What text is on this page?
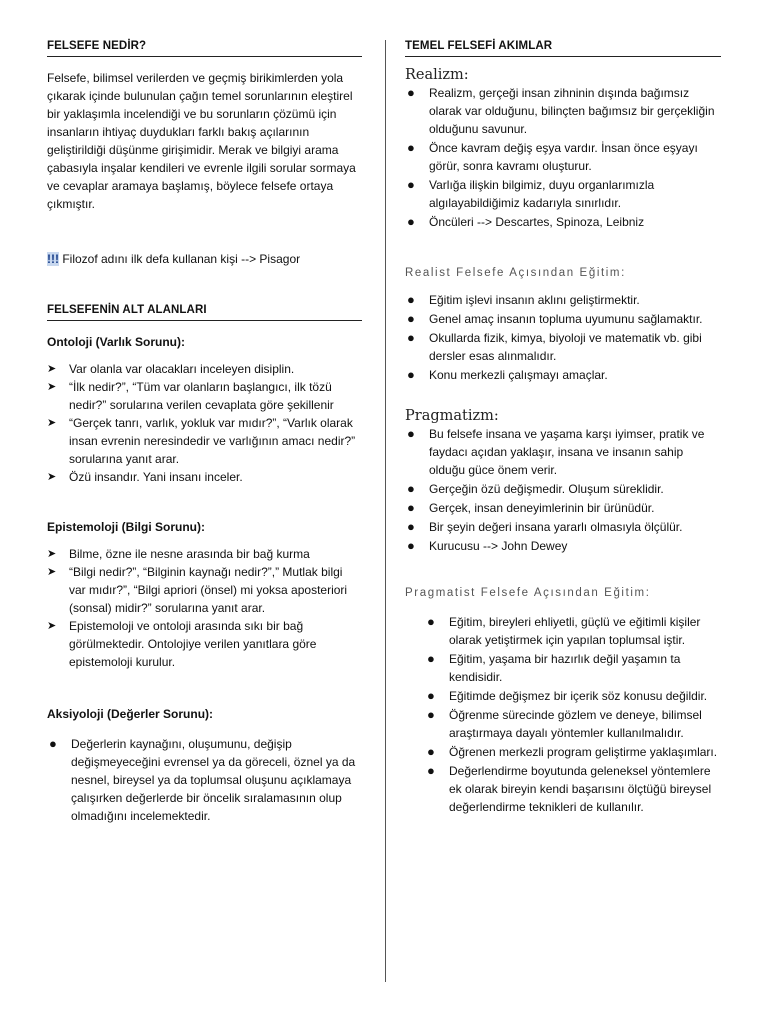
FELSEFE NEDİR?

Felsefe, bilimsel verilerden ve geçmiş birikimlerden yola çıkarak içinde bulunulan çağın temel sorunlarının eleştirel bir yaklaşımla incelendiği ve bu sorunların çözümü için insanların ihtiyaç duydukları farklı bakış açılarının geliştirildiği düşünme girişimidir. Merak ve bilgiyi arama çabasıyla inşalar kendileri ve evrenle ilgili sorular sormaya ve cevaplar aramaya başlamış, böylece felsefe ortaya çıkmıştır.

!!! Filozof adını ilk defa kullanan kişi --> Pisagor
FELSEFENİN ALT ALANLARI
Ontoloji (Varlık Sorunu):
➤ Var olanla var olacakları inceleyen disiplin.
➤ “İlk nedir?”, “Tüm var olanların başlangıcı, ilk tözü nedir?” sorularına verilen cevaplata göre şekillenir
➤ “Gerçek tanrı, varlık, yokluk var mıdır?”, “Varlık olarak insan evrenin neresindedir ve varlığının amacı nedir?” sorularına yanıt arar.
➤ Özü insandır. Yani insanı inceler.
Epistemoloji (Bilgi Sorunu):
➤ Bilme, özne ile nesne arasında bir bağ kurma
➤ “Bilgi nedir?”, “Bilginin kaynağı nedir?”,” Mutlak bilgi var mıdır?”, “Bilgi apriori (önsel) mi yoksa aposteriori (sonsal) midir?” sorularına yanıt arar.
➤ Epistemoloji ve ontoloji arasında sıkı bir bağ görülmektedir. Ontolojiye verilen yanıtlara göre epistemoloji kurulur.
Aksiyoloji (Değerler Sorunu):
● Değerlerin kaynağını, oluşumunu, değişip değişmeyeceğini evrensel ya da göreceli, öznel ya da nesnel, bireysel ya da toplumsal oluşunu açıklamaya çalışırken değerlerde bir öncelik sıralamasının olup olmadığını incelemektedir.
TEMEL FELSEFİ AKIMLAR
Realizm:
● Realizm, gerçeği insan zihninin dışında bağımsız olarak var olduğunu, bilinçten bağımsız bir gerçekliğin olduğunu savunur.
● Önce kavram değiş eşya vardır. İnsan önce eşyayı görür, sonra kavramı oluşturur.
● Varlığa ilişkin bilgimiz, duyu organlarımızla algılayabildiğimiz kadarıyla sınırlıdır.
● Öncüleri --> Descartes, Spinoza, Leibniz
Realist Felsefe Açısından Eğitim:
● Eğitim işlevi insanın aklını geliştirmektir.
● Genel amaç insanın topluma uyumunu sağlamaktır.
● Okullarda fizik, kimya, biyoloji ve matematik vb. gibi dersler esas alınmalıdır.
● Konu merkezli çalışmayı amaçlar.
Pragmatizm:
● Bu felsefe insana ve yaşama karşı iyimser, pratik ve faydacı açıdan yaklaşır, insana ve insanın sahip olduğu güce önem verir.
● Gerçeğin özü değişmedir. Oluşum süreklidir.
● Gerçek, insan deneyimlerinin bir ürünüdür.
● Bir şeyin değeri insana yararlı olmasıyla ölçülür.
● Kurucusu --> John Dewey
Pragmatist Felsefe Açısından Eğitim:
● Eğitim, bireyleri ehliyetli, güçlü ve eğitimli kişiler olarak yetiştirmek için yapılan toplumsal iştir.
● Eğitim, yaşama bir hazırlık değil yaşamın ta kendisidir.
● Eğitimde değişmez bir içerik söz konusu değildir.
● Öğrenme sürecinde gözlem ve deneye, bilimsel araştırmaya dayalı yöntemler kullanılmalıdır.
● Öğrenen merkezli program geliştirme yaklaşımları.
● Değerlendirme boyutunda geleneksel yöntemlere ek olarak bireyin kendi başarısını ölçtüğü bireysel değerlendirme teknikleri de kullanılır.
